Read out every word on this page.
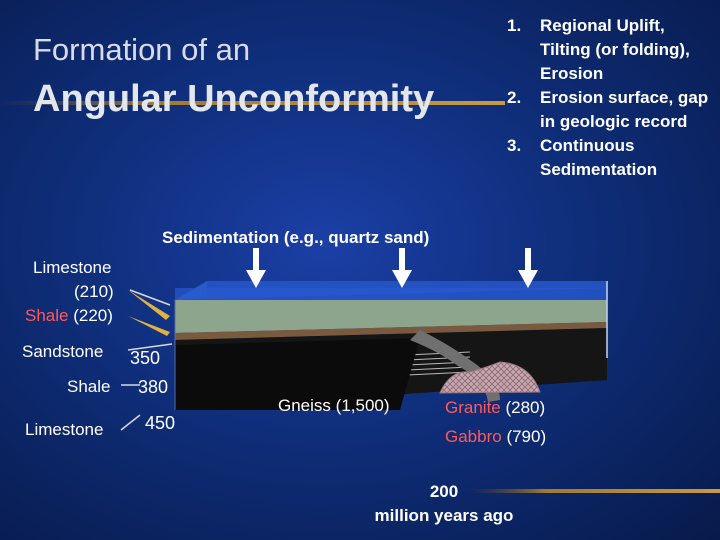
Formation of an
Angular Unconformity
1.	Regional Uplift, Tilting (or folding), Erosion
2.	Erosion surface, gap in geologic record
3.	Continuous Sedimentation
Sedimentation (e.g., quartz sand)
Limestone
(210)
Shale (220)
Sandstone 350
Shale 380
Limestone 450
Gneiss (1,500)	Granite (280)
Gabbro (790)
200
million years ago
